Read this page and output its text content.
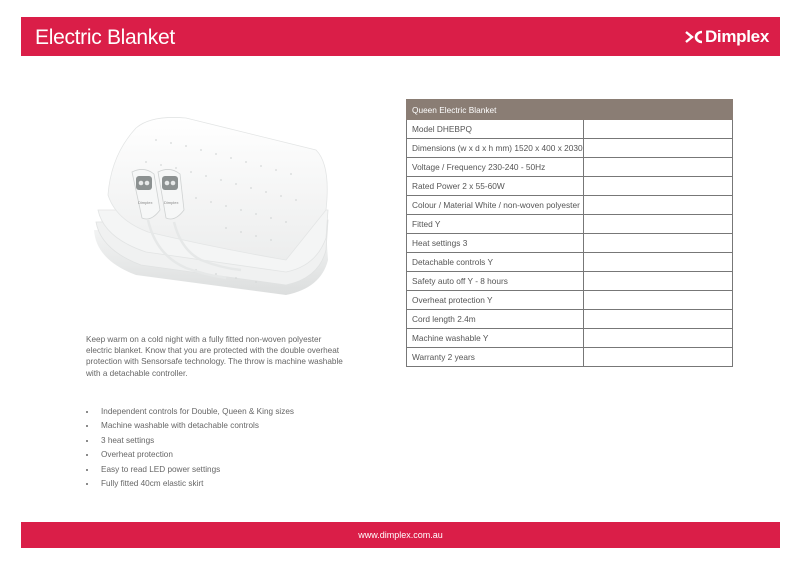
Electric Blanket	Dimplex
Dimplex	Dimplex
Keep warm on a cold night with a fully fitted non-woven polyester electric blanket. Know that you are protected with the double overheat protection with Sensorsafe technology. The throw is machine washable with a detachable controller.
Independent controls for Double, Queen & King sizes
Machine washable with detachable controls
3 heat settings
Overheat protection
Easy to read LED power settings
Fully fitted 40cm elastic skirt
Queen Electric Blanket	
Model DHEBPQ	
Dimensions (w x d x h mm) 1520 x 400 x 2030	
Voltage / Frequency 230-240 - 50Hz	
Rated Power 2 x 55-60W	
Colour / Material White / non-woven polyester	
Fitted Y	
Heat settings 3	
Detachable controls Y	
Safety auto off Y - 8 hours	
Overheat protection Y	
Cord length 2.4m	
Machine washable Y	
Warranty 2 years	
www.dimplex.com.au
